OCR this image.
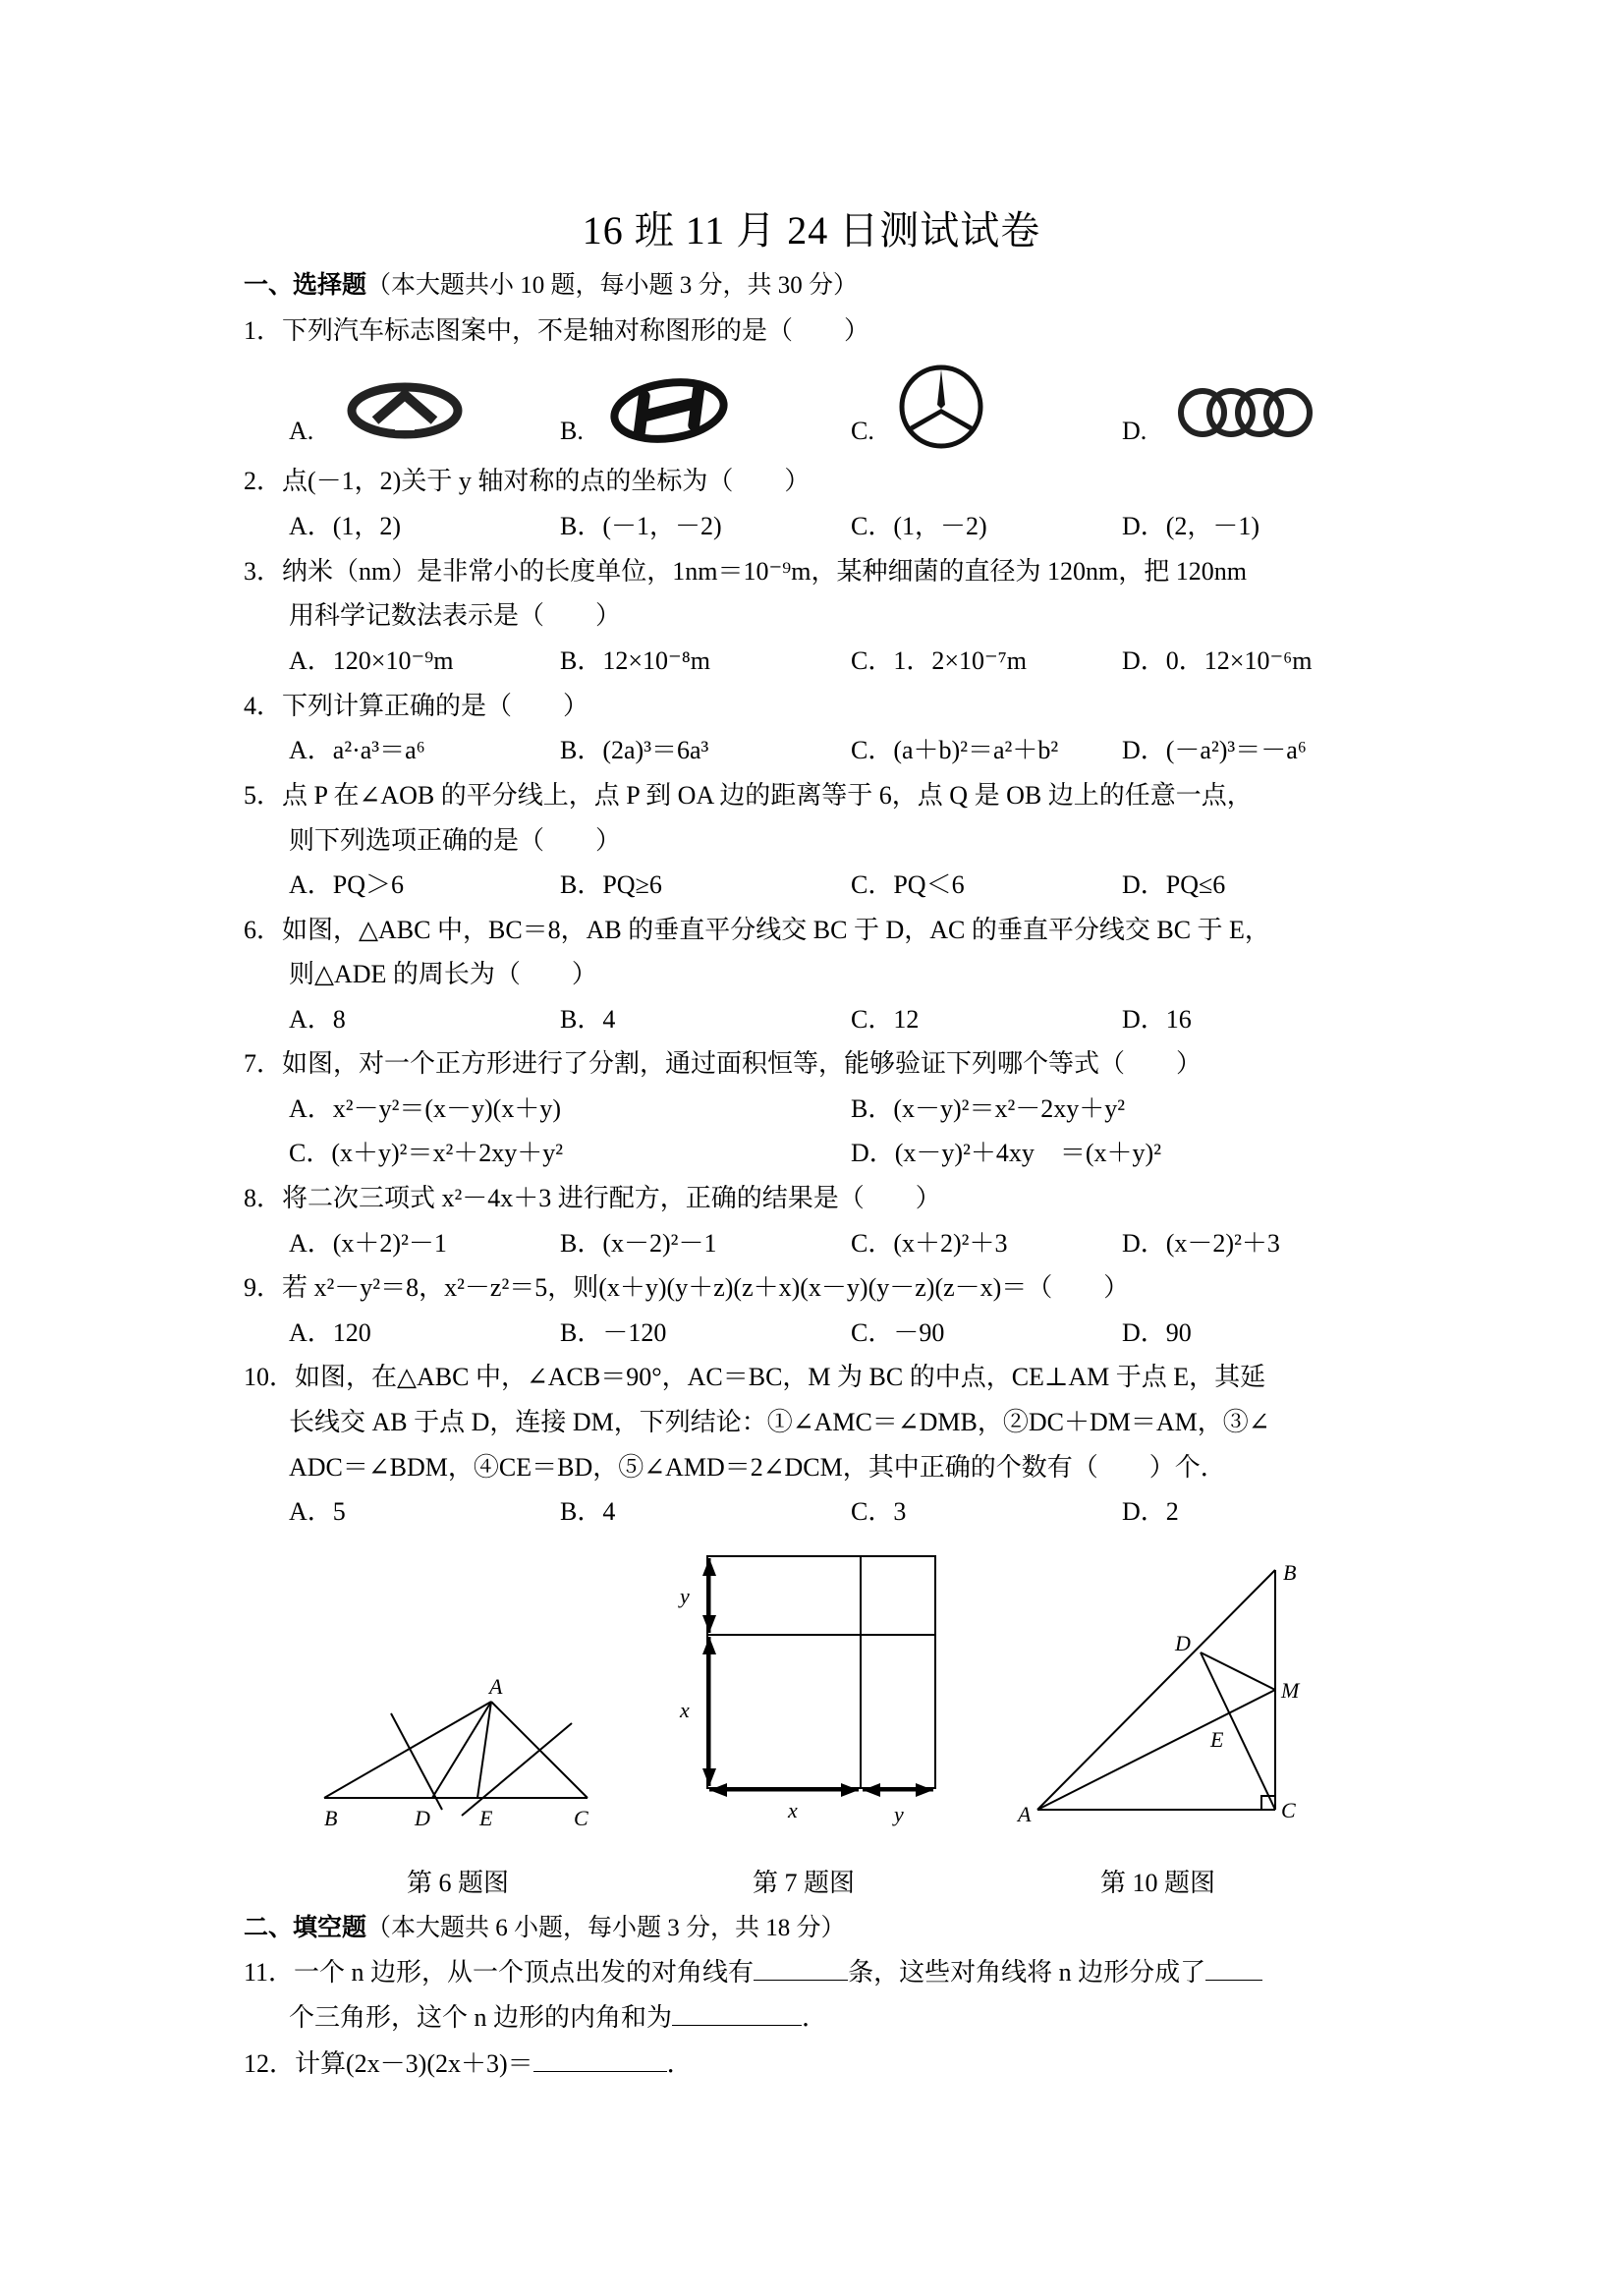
16 班 11 月 24 日测试试卷
一、选择题（本大题共小 10 题，每小题 3 分，共 30 分）
1．下列汽车标志图案中，不是轴对称图形的是（　　）
A.	B.	C.	D.
2．点(－1，2)关于 y 轴对称的点的坐标为（　　）
A．(1，2)	B．(－1，－2)	C．(1，－2)	D．(2，－1)
3．纳米（nm）是非常小的长度单位，1nm＝10⁻⁹m，某种细菌的直径为 120nm，把 120nm
用科学记数法表示是（　　）
A．120×10⁻⁹m	B．12×10⁻⁸m	C．1．2×10⁻⁷m	D．0．12×10⁻⁶m
4．下列计算正确的是（　　）
A．a²·a³＝a⁶	B．(2a)³＝6a³	C．(a＋b)²＝a²＋b² D．(－a²)³＝－a⁶
5．点 P 在∠AOB 的平分线上，点 P 到 OA 边的距离等于 6，点 Q 是 OB 边上的任意一点，
则下列选项正确的是（　　）
A．PQ＞6	B．PQ≥6	C．PQ＜6	D．PQ≤6
6．如图，△ABC 中，BC＝8，AB 的垂直平分线交 BC 于 D，AC 的垂直平分线交 BC 于 E，
则△ADE 的周长为（　　）
A．8	B．4	C．12	D．16
7．如图，对一个正方形进行了分割，通过面积恒等，能够验证下列哪个等式（　　）
A．x²－y²＝(x－y)(x＋y)	B．(x－y)²＝x²－2xy＋y²
C．(x＋y)²＝x²＋2xy＋y²	D．(x－y)²＋4xy　＝(x＋y)²
8．将二次三项式 x²－4x＋3 进行配方，正确的结果是（　　）
A．(x＋2)²－1	B．(x－2)²－1	C．(x＋2)²＋3	D．(x－2)²＋3
9．若 x²－y²＝8，x²－z²＝5，则(x＋y)(y＋z)(z＋x)(x－y)(y－z)(z－x)＝（　　）
A．120	B．－120	C．－90	D．90
10．如图，在△ABC 中，∠ACB＝90°，AC＝BC，M 为 BC 的中点，CE⊥AM 于点 E，其延
长线交 AB 于点 D，连接 DM，下列结论：①∠AMC＝∠DMB，②DC＋DM＝AM，③∠
ADC＝∠BDM，④CE＝BD，⑤∠AMD＝2∠DCM，其中正确的个数有（　　）个．
A．5	B．4	C．3	D．2
A
B	D E	C
第 6 题图
y
x
x	y
第 7 题图
B
D
M
E
A	C
第 10 题图
二、填空题（本大题共 6 小题，每小题 3 分，共 18 分）
11．一个 n 边形，从一个顶点出发的对角线有	条，这些对角线将 n 边形分成了
个三角形，这个 n 边形的内角和为	．
12．计算(2x－3)(2x＋3)＝	．
